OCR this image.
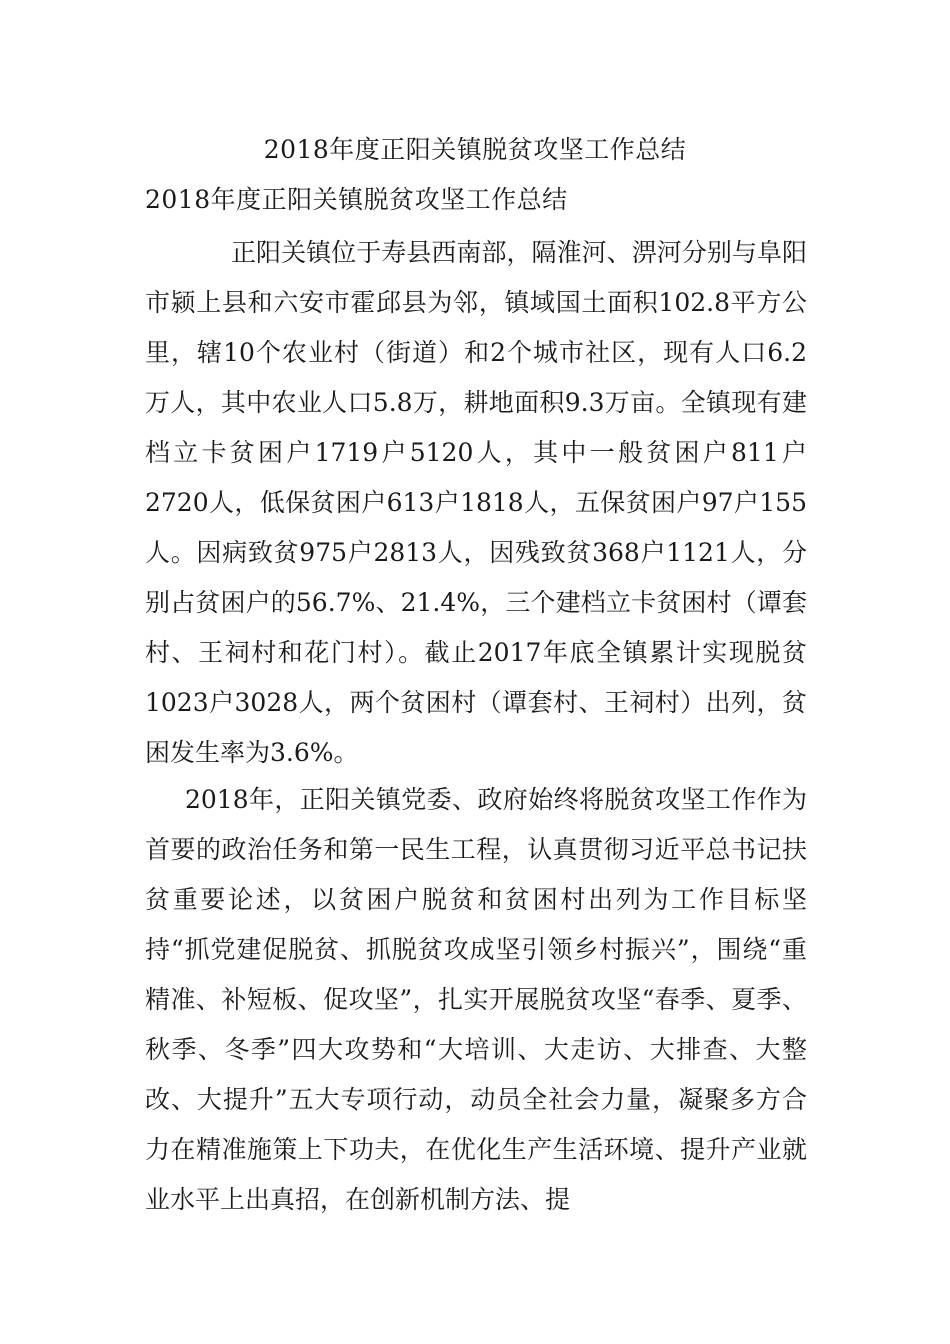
2018年度正阳关镇脱贫攻坚工作总结
2018年度正阳关镇脱贫攻坚工作总结

正阳关镇位于寿县西南部，隔淮河、淠河分别与阜阳市颍上县和六安市霍邱县为邻，镇域国土面积102.8平方公里，辖10个农业村（街道）和2个城市社区，现有人口6.2万人，其中农业人口5.8万，耕地面积9.3万亩。全镇现有建档立卡贫困户1719户5120人，其中一般贫困户811户2720人，低保贫困户613户1818人，五保贫困户97户155人。因病致贫975户2813人，因残致贫368户1121人，分别占贫困户的56.7%、21.4%，三个建档立卡贫困村（谭套村、王祠村和花门村）。截止2017年底全镇累计实现脱贫1023户3028人，两个贫困村（谭套村、王祠村）出列，贫困发生率为3.6%。

2018年，正阳关镇党委、政府始终将脱贫攻坚工作作为首要的政治任务和第一民生工程，认真贯彻习近平总书记扶贫重要论述，以贫困户脱贫和贫困村出列为工作目标坚持“抓党建促脱贫、抓脱贫攻成坚引领乡村振兴”，围绕“重精准、补短板、促攻坚”，扎实开展脱贫攻坚“春季、夏季、秋季、冬季”四大攻势和“大培训、大走访、大排查、大整改、大提升”五大专项行动，动员全社会力量，凝聚多方合力在精准施策上下功夫，在优化生产生活环境、提升产业就业水平上出真招，在创新机制方法、提
